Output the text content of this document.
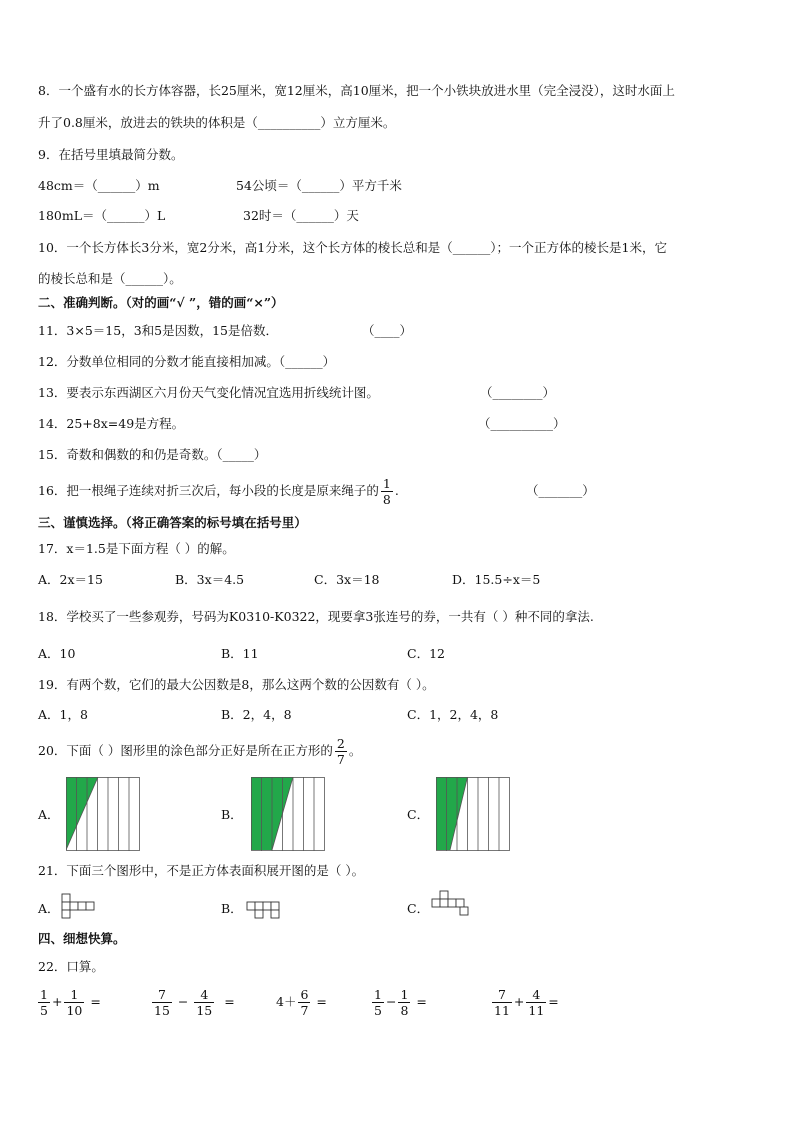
8．一个盛有水的长方体容器，长25厘米，宽12厘米，高10厘米，把一个小铁块放进水里（完全浸没），这时水面上
升了0.8厘米，放进去的铁块的体积是（__________）立方厘米。
9．在括号里填最简分数。
48cm＝（______）m	54公顷＝（______）平方千米
180mL＝（______）L	32时＝（______）天
10．一个长方体长3分米，宽2分米，高1分米，这个长方体的棱长总和是（______）；一个正方体的棱长是1米，它
的棱长总和是（______）。
二、准确判断。（对的画“√ ”，错的画“×”）
11．3×5＝15，3和5是因数，15是倍数．	（____）
12．分数单位相同的分数才能直接相加减。（______）
13．要表示东西湖区六月份天气变化情况宜选用折线统计图。	（________）
14．25+8x=49是方程。	（__________）
15．奇数和偶数的和仍是奇数。（_____）
16．把一根绳子连续对折三次后，每小段的长度是原来绳子的 $\frac{1}{8}$ .	（_______）
三、谨慎选择。（将正确答案的标号填在括号里）
17．x＝1.5是下面方程（ ）的解。
A．2x＝15	B．3x＝4.5	C．3x＝18	D．15.5÷x＝5
18．学校买了一些参观券，号码为K0310-K0322，现要拿3张连号的券，一共有（ ）种不同的拿法.
A．10	B．11	C．12
19．有两个数，它们的最大公因数是8，那么这两个数的公因数有（ ）。
A．1，8	B．2，4，8	C．1，2，4，8
20．下面（ ）图形里的涂色部分正好是所在正方形的 $\frac{2}{7}$ 。
A．	B．	C．
21．下面三个图形中，不是正方体表面积展开图的是（ ）。
A．	B．	C．
四、细想快算。
22．口算。
$\frac{1}{5} + \frac{1}{10}$ =	$\frac{7}{15} - \frac{4}{15}$ =	$4+ \frac{6}{7}$ =	$\frac{1}{5} - \frac{1}{8}$ =	$\frac{7}{11} + \frac{4}{11}$ =
